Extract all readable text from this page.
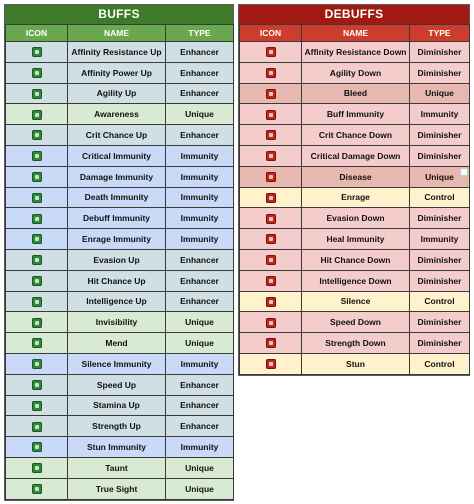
BUFFS
ICON	NAME	TYPE
	Affinity Resistance Up	Enhancer
	Affinity Power Up	Enhancer
	Agility Up	Enhancer
	Awareness	Unique
	Crit Chance Up	Enhancer
	Critical Immunity	Immunity
	Damage Immunity	Immunity
	Death Immunity	Immunity
	Debuff Immunity	Immunity
	Enrage Immunity	Immunity
	Evasion Up	Enhancer
	Hit Chance Up	Enhancer
	Intelligence Up	Enhancer
	Invisibility	Unique
	Mend	Unique
	Silence Immunity	Immunity
	Speed Up	Enhancer
	Stamina Up	Enhancer
	Strength Up	Enhancer
	Stun Immunity	Immunity
	Taunt	Unique
	True Sight	Unique
DEBUFFS
ICON	NAME	TYPE
	Affinity Resistance Down	Diminisher
	Agility Down	Diminisher
	Bleed	Unique
	Buff Immunity	Immunity
	Crit Chance Down	Diminisher
	Critical Damage Down	Diminisher
	Disease	Unique
	Enrage	Control
	Evasion Down	Diminisher
	Heal Immunity	Immunity
	Hit Chance Down	Diminisher
	Intelligence Down	Diminisher
	Silence	Control
	Speed Down	Diminisher
	Strength Down	Diminisher
	Stun	Control
